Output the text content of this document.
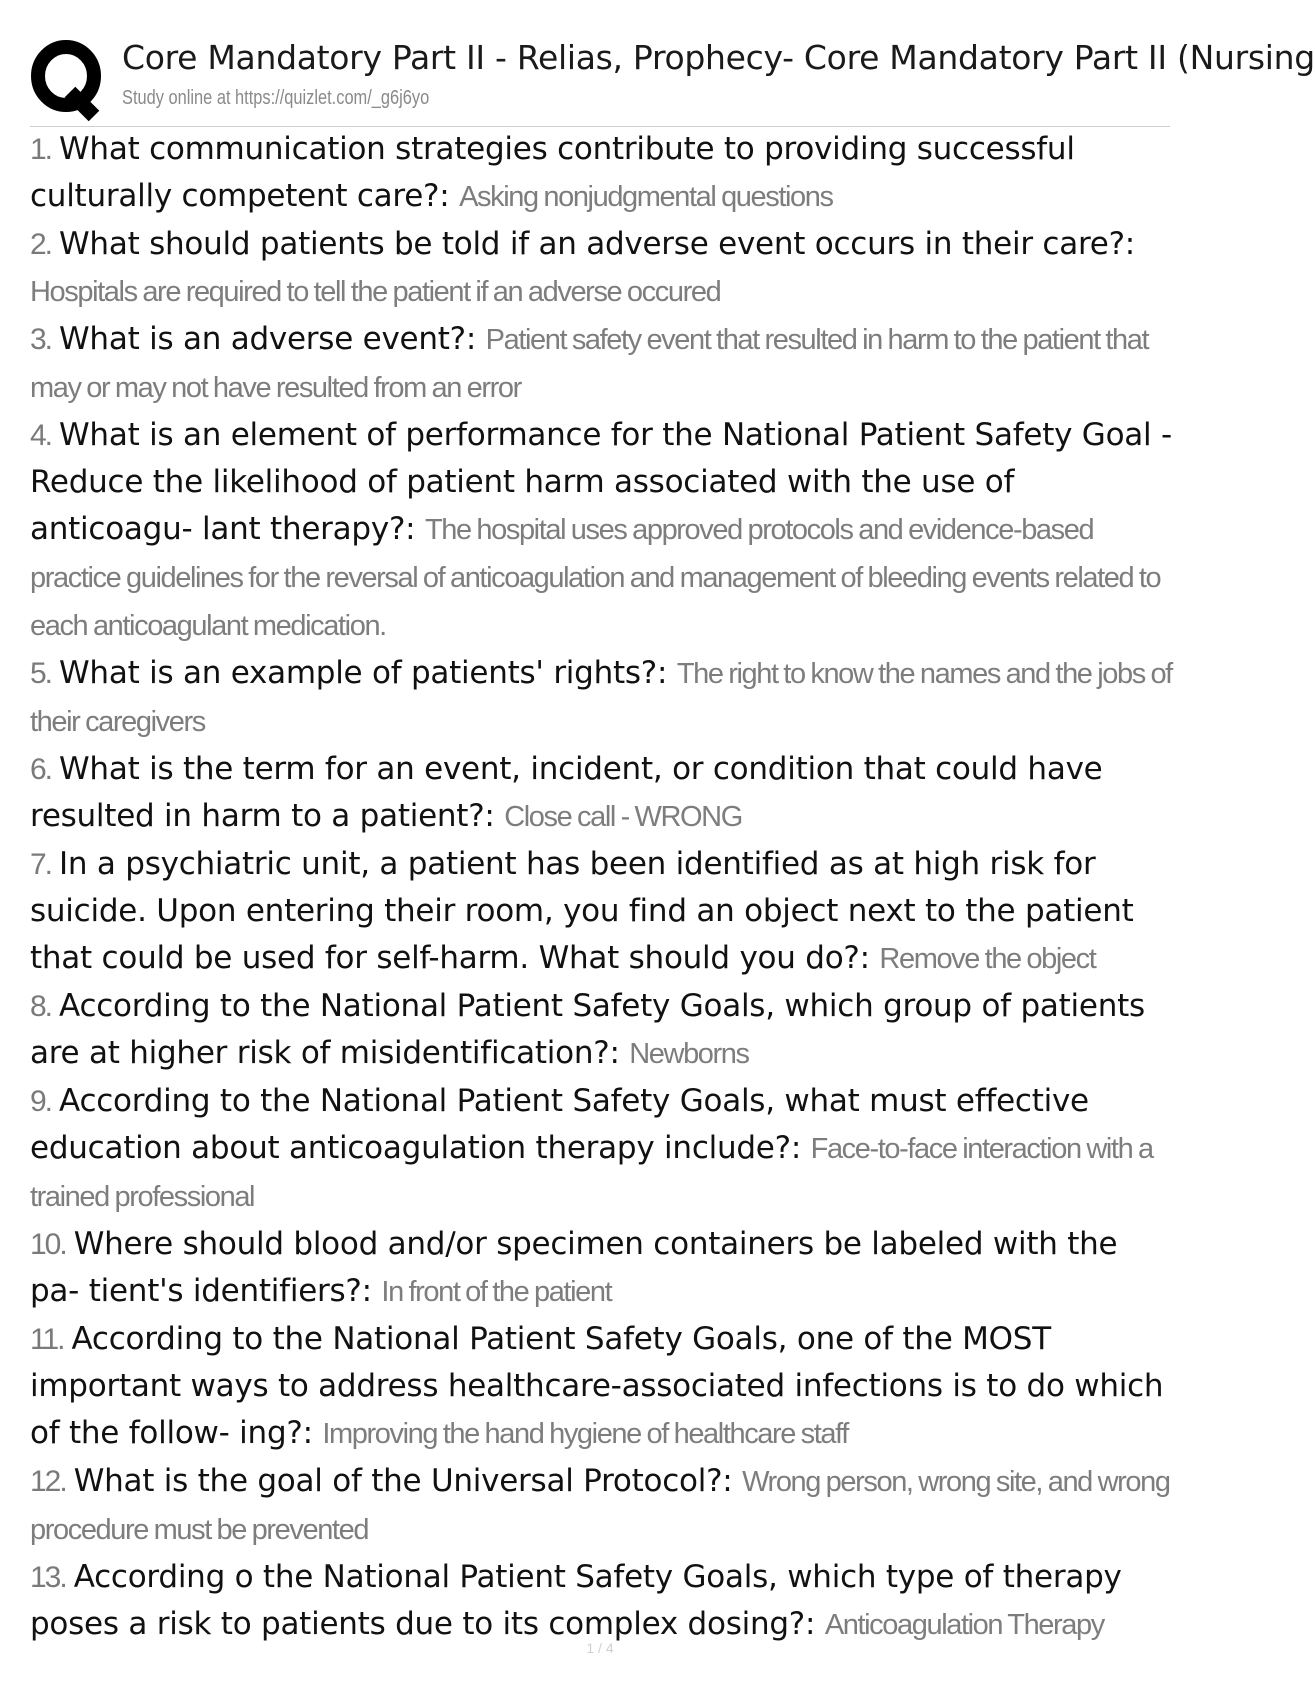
Core Mandatory Part II - Relias, Prophecy- Core Mandatory Part II (Nursing
Study online at https://quizlet.com/_g6j6yo

1. What communication strategies contribute to providing successful culturally competent care?: Asking nonjudgmental questions

2. What should patients be told if an adverse event occurs in their care?: Hospitals are required to tell the patient if an adverse occured

3. What is an adverse event?: Patient safety event that resulted in harm to the patient that may or may not have resulted from an error

4. What is an element of performance for the National Patient Safety Goal - Reduce the likelihood of patient harm associated with the use of anticoagu- lant therapy?: The hospital uses approved protocols and evidence-based practice guidelines for the reversal of anticoagulation and management of bleeding events related to each anticoagulant medication.

5. What is an example of patients' rights?: The right to know the names and the jobs of their caregivers

6. What is the term for an event, incident, or condition that could have resulted in harm to a patient?: Close call - WRONG

7. In a psychiatric unit, a patient has been identified as at high risk for suicide. Upon entering their room, you find an object next to the patient that could be used for self-harm. What should you do?: Remove the object

8. According to the National Patient Safety Goals, which group of patients are at higher risk of misidentification?: Newborns

9. According to the National Patient Safety Goals, what must effective education about anticoagulation therapy include?: Face-to-face interaction with a trained professional

10. Where should blood and/or specimen containers be labeled with the pa- tient's identifiers?: In front of the patient

11. According to the National Patient Safety Goals, one of the MOST important ways to address healthcare-associated infections is to do which of the follow- ing?: Improving the hand hygiene of healthcare staff

12. What is the goal of the Universal Protocol?: Wrong person, wrong site, and wrong procedure must be prevented

13. According o the National Patient Safety Goals, which type of therapy poses a risk to patients due to its complex dosing?: Anticoagulation Therapy

1 / 4
